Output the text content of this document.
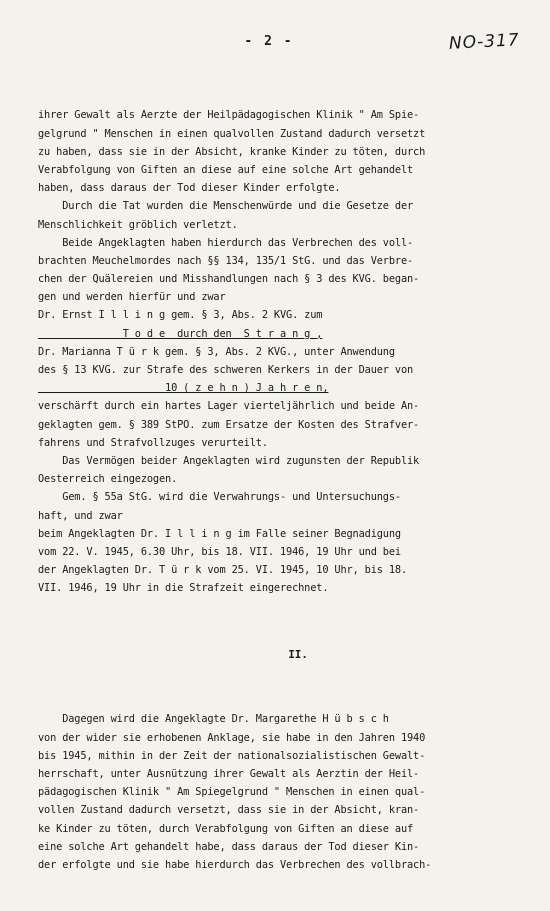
- 2 -	NO-317

ihrer Gewalt als Aerzte der Heilpädagogischen Klinik " Am Spie-
gelgrund " Menschen in einen qualvollen Zustand dadurch versetzt
zu haben, dass sie in der Absicht, kranke Kinder zu töten, durch
Verabfolgung von Giften an diese auf eine solche Art gehandelt
haben, dass daraus der Tod dieser Kinder erfolgte.
Durch die Tat wurden die Menschenwürde und die Gesetze der
Menschlichkeit gröblich verletzt.
Beide Angeklagten haben hierdurch das Verbrechen des voll-
brachten Meuchelmordes nach §§ 134, 135/1 StG. und das Verbre-
chen der Quälereien und Misshandlungen nach § 3 des KVG. began-
gen und werden hierfür und zwar
Dr. Ernst I l l i n g gem. § 3, Abs. 2 KVG. zum
T o d e  durch den  S t r a n g ,
Dr. Marianna T ü r k gem. § 3, Abs. 2 KVG., unter Anwendung
des § 13 KVG. zur Strafe des schweren Kerkers in der Dauer von
10 ( z e h n ) J a h r e n,
verschärft durch ein hartes Lager vierteljährlich und beide An-
geklagten gem. § 389 StPO. zum Ersatze der Kosten des Strafver-
fahrens und Strafvollzuges verurteilt.
Das Vermögen beider Angeklagten wird zugunsten der Republik
Oesterreich eingezogen.
Gem. § 55a StG. wird die Verwahrungs- und Untersuchungs-
haft, und zwar
beim Angeklagten Dr. I l l i n g im Falle seiner Begnadigung
vom 22. V. 1945, 6.30 Uhr, bis 18. VII. 1946, 19 Uhr und bei
der Angeklagten Dr. T ü r k vom 25. VI. 1945, 10 Uhr, bis 18.
VII. 1946, 19 Uhr in die Strafzeit eingerechnet.

II.

Dagegen wird die Angeklagte Dr. Margarethe H ü b s c h
von der wider sie erhobenen Anklage, sie habe in den Jahren 1940
bis 1945, mithin in der Zeit der nationalsozialistischen Gewalt-
herrschaft, unter Ausnützung ihrer Gewalt als Aerztin der Heil-
pädagogischen Klinik " Am Spiegelgrund " Menschen in einen qual-
vollen Zustand dadurch versetzt, dass sie in der Absicht, kran-
ke Kinder zu töten, durch Verabfolgung von Giften an diese auf
eine solche Art gehandelt habe, dass daraus der Tod dieser Kin-
der erfolgte und sie habe hierdurch das Verbrechen des vollbrach-
